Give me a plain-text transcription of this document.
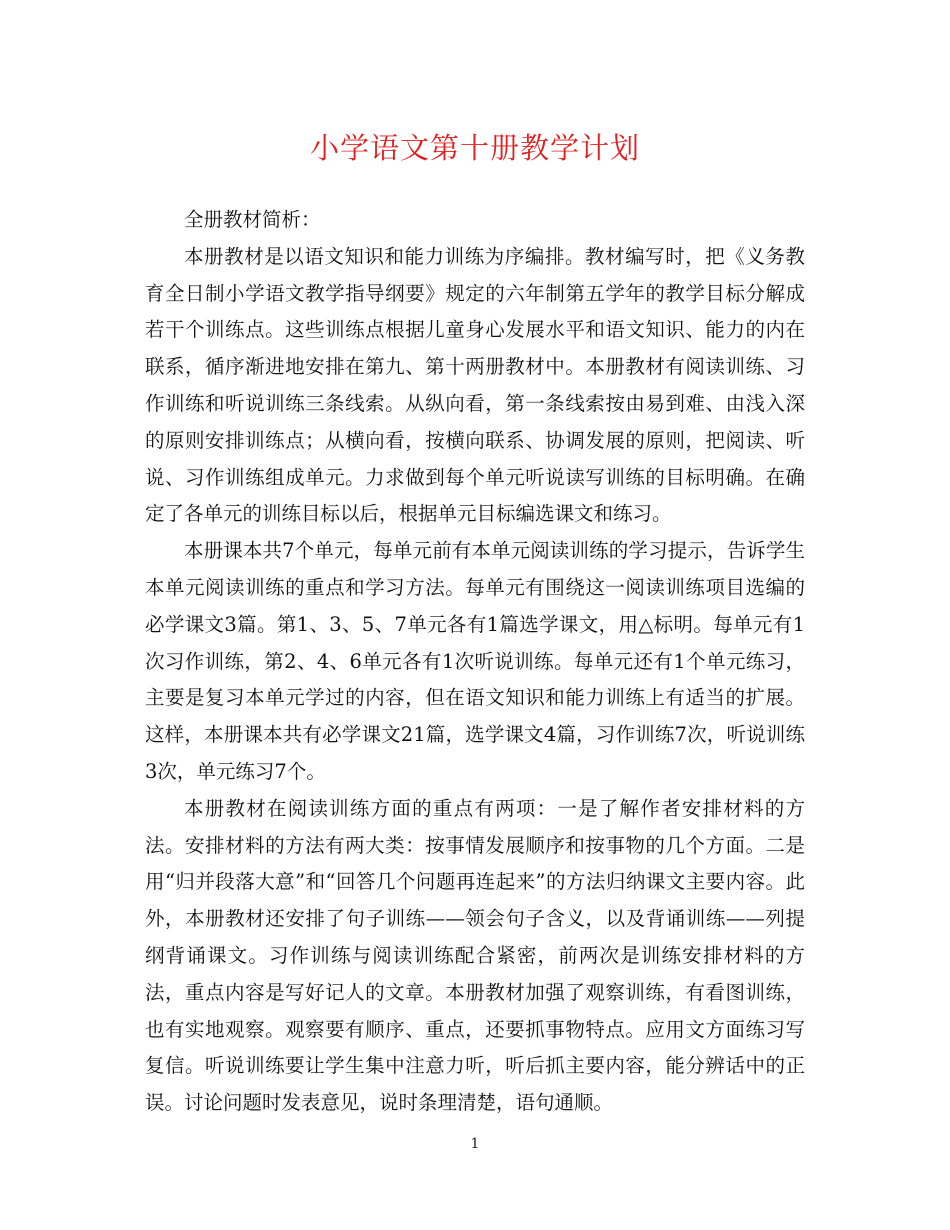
小学语文第十册教学计划

全册教材简析：

本册教材是以语文知识和能力训练为序编排。教材编写时，把《义务教育全日制小学语文教学指导纲要》规定的六年制第五学年的教学目标分解成若干个训练点。这些训练点根据儿童身心发展水平和语文知识、能力的内在联系，循序渐进地安排在第九、第十两册教材中。本册教材有阅读训练、习作训练和听说训练三条线索。从纵向看，第一条线索按由易到难、由浅入深的原则安排训练点；从横向看，按横向联系、协调发展的原则，把阅读、听说、习作训练组成单元。力求做到每个单元听说读写训练的目标明确。在确定了各单元的训练目标以后，根据单元目标编选课文和练习。

本册课本共7个单元，每单元前有本单元阅读训练的学习提示，告诉学生本单元阅读训练的重点和学习方法。每单元有围绕这一阅读训练项目选编的必学课文3篇。第1、3、5、7单元各有1篇选学课文，用△标明。每单元有1次习作训练，第2、4、6单元各有1次听说训练。每单元还有1个单元练习，主要是复习本单元学过的内容，但在语文知识和能力训练上有适当的扩展。这样，本册课本共有必学课文21篇，选学课文4篇，习作训练7次，听说训练3次，单元练习7个。

本册教材在阅读训练方面的重点有两项：一是了解作者安排材料的方法。安排材料的方法有两大类：按事情发展顺序和按事物的几个方面。二是用“归并段落大意”和“回答几个问题再连起来”的方法归纳课文主要内容。此外，本册教材还安排了句子训练——领会句子含义，以及背诵训练——列提纲背诵课文。习作训练与阅读训练配合紧密，前两次是训练安排材料的方法，重点内容是写好记人的文章。本册教材加强了观察训练，有看图训练，也有实地观察。观察要有顺序、重点，还要抓事物特点。应用文方面练习写复信。听说训练要让学生集中注意力听，听后抓主要内容，能分辨话中的正误。讨论问题时发表意见，说时条理清楚，语句通顺。

1
